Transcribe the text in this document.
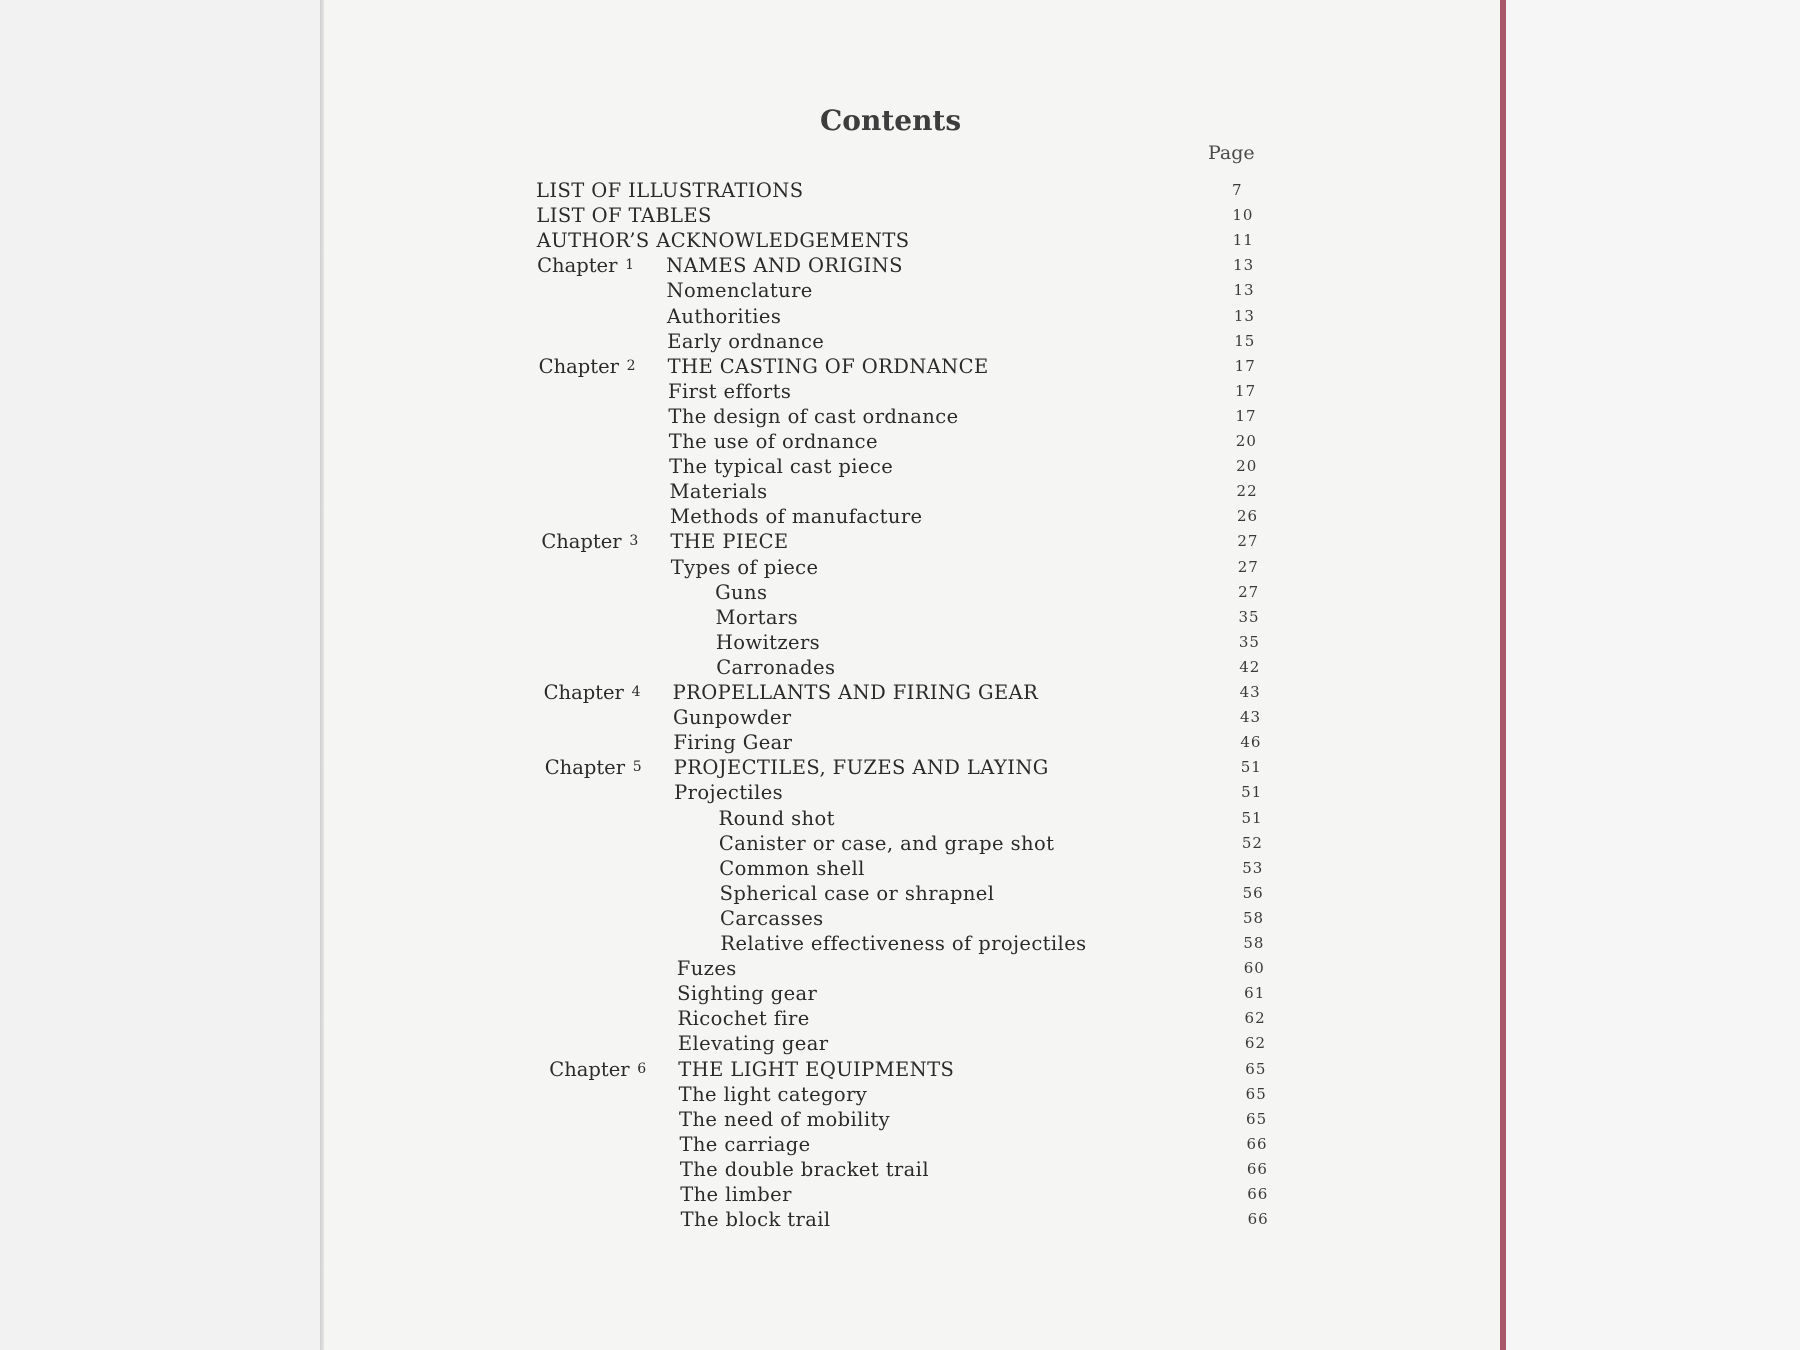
Contents
Page
LIST OF ILLUSTRATIONS	7
LIST OF TABLES	10
AUTHOR’S ACKNOWLEDGEMENTS	11
Chapter 1 NAMES AND ORIGINS	13
Nomenclature	13
Authorities	13
Early ordnance	15
Chapter 2 THE CASTING OF ORDNANCE	17
First efforts	17
The design of cast ordnance	17
The use of ordnance	20
The typical cast piece	20
Materials	22
Methods of manufacture	26
Chapter 3 THE PIECE	27
Types of piece	27
Guns	27
Mortars	35
Howitzers	35
Carronades	42
Chapter 4 PROPELLANTS AND FIRING GEAR	43
Gunpowder	43
Firing Gear	46
Chapter 5 PROJECTILES, FUZES AND LAYING	51
Projectiles	51
Round shot	51
Canister or case, and grape shot	52
Common shell	53
Spherical case or shrapnel	56
Carcasses	58
Relative effectiveness of projectiles	58
Fuzes	60
Sighting gear	61
Ricochet fire	62
Elevating gear	62
Chapter 6 THE LIGHT EQUIPMENTS	65
The light category	65
The need of mobility	65
The carriage	66
The double bracket trail	66
The limber	66
The block trail	66
